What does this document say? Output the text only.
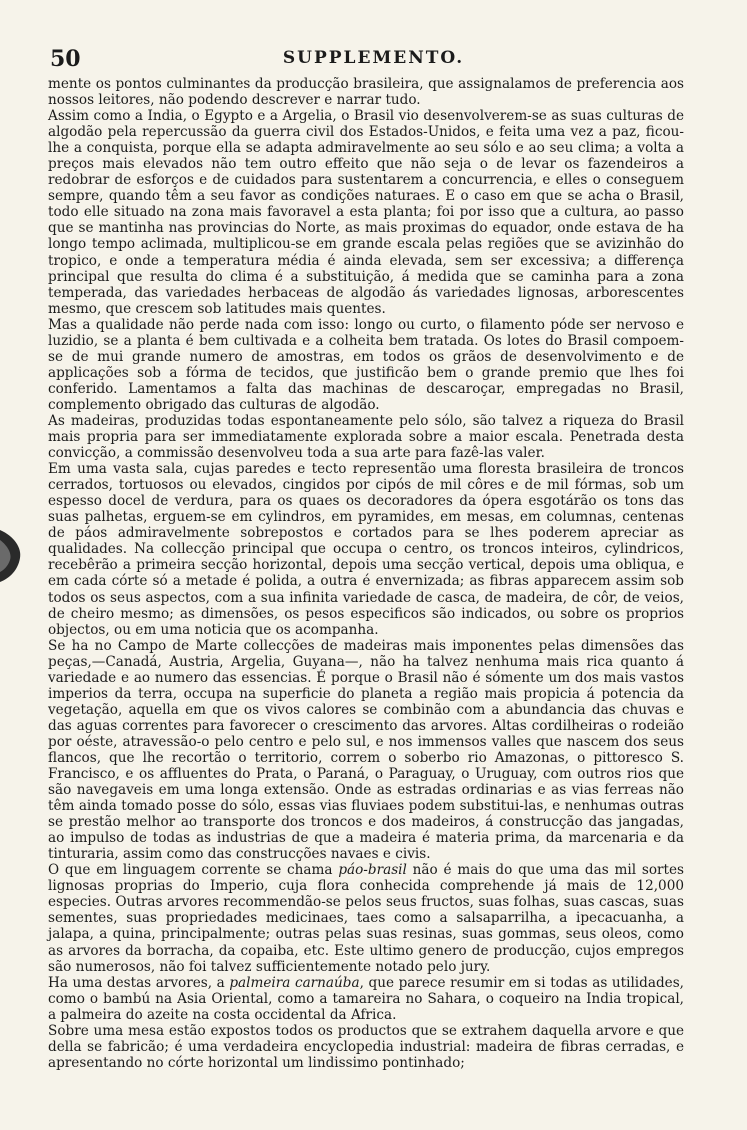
50	SUPPLEMENTO.

mente os pontos culminantes da producção brasileira, que assignalamos de preferencia aos nossos leitores, não podendo descrever e narrar tudo.

Assim como a India, o Egypto e a Argelia, o Brasil vio desenvolverem-se as suas culturas de algodão pela repercussão da guerra civil dos Estados-Unidos, e feita uma vez a paz, ficou-lhe a conquista, porque ella se adapta admiravelmente ao seu sólo e ao seu clima; a volta a preços mais elevados não tem outro effeito que não seja o de levar os fazendeiros a redobrar de esforços e de cuidados para sustentarem a concurrencia, e elles o conseguem sempre, quando têm a seu favor as condições naturaes. E o caso em que se acha o Brasil, todo elle situado na zona mais favoravel a esta planta; foi por isso que a cultura, ao passo que se mantinha nas provincias do Norte, as mais proximas do equador, onde estava de ha longo tempo aclimada, multiplicou-se em grande escala pelas regiões que se avizinhão do tropico, e onde a temperatura média é ainda elevada, sem ser excessiva; a differença principal que resulta do clima é a substituição, á medida que se caminha para a zona temperada, das variedades herbaceas de algodão ás variedades lignosas, arborescentes mesmo, que crescem sob latitudes mais quentes.

Mas a qualidade não perde nada com isso: longo ou curto, o filamento póde ser nervoso e luzidio, se a planta é bem cultivada e a colheita bem tratada. Os lotes do Brasil compoem-se de mui grande numero de amostras, em todos os grãos de desenvolvimento e de applicações sob a fórma de tecidos, que justificão bem o grande premio que lhes foi conferido. Lamentamos a falta das machinas de descaroçar, empregadas no Brasil, complemento obrigado das culturas de algodão.

As madeiras, produzidas todas espontaneamente pelo sólo, são talvez a riqueza do Brasil mais propria para ser immediatamente explorada sobre a maior escala. Penetrada desta convicção, a commissão desenvolveu toda a sua arte para fazê-las valer.

Em uma vasta sala, cujas paredes e tecto representão uma floresta brasileira de troncos cerrados, tortuosos ou elevados, cingidos por cipós de mil côres e de mil fórmas, sob um espesso docel de verdura, para os quaes os decoradores da ópera esgotárão os tons das suas palhetas, erguem-se em cylindros, em pyramides, em mesas, em columnas, centenas de páos admiravelmente sobrepostos e cortados para se lhes poderem apreciar as qualidades. Na collecção principal que occupa o centro, os troncos inteiros, cylindricos, recebêrão a primeira secção horizontal, depois uma secção vertical, depois uma obliqua, e em cada córte só a metade é polida, a outra é envernizada; as fibras apparecem assim sob todos os seus aspectos, com a sua infinita variedade de casca, de madeira, de côr, de veios, de cheiro mesmo; as dimensões, os pesos especificos são indicados, ou sobre os proprios objectos, ou em uma noticia que os acompanha.

Se ha no Campo de Marte collecções de madeiras mais imponentes pelas dimensões das peças,—Canadá, Austria, Argelia, Guyana—, não ha talvez nenhuma mais rica quanto á variedade e ao numero das essencias. É porque o Brasil não é sómente um dos mais vastos imperios da terra, occupa na superficie do planeta a região mais propicia á potencia da vegetação, aquella em que os vivos calores se combinão com a abundancia das chuvas e das aguas correntes para favorecer o crescimento das arvores. Altas cordilheiras o rodeião por oéste, atravessão-o pelo centro e pelo sul, e nos immensos valles que nascem dos seus flancos, que lhe recortão o territorio, correm o soberbo rio Amazonas, o pittoresco S. Francisco, e os affluentes do Prata, o Paraná, o Paraguay, o Uruguay, com outros rios que são navegaveis em uma longa extensão. Onde as estradas ordinarias e as vias ferreas não têm ainda tomado posse do sólo, essas vias fluviaes podem substitui-las, e nenhumas outras se prestão melhor ao transporte dos troncos e dos madeiros, á construcção das jangadas, ao impulso de todas as industrias de que a madeira é materia prima, da marcenaria e da tinturaria, assim como das construcções navaes e civis.

O que em linguagem corrente se chama páo-brasil não é mais do que uma das mil sortes lignosas proprias do Imperio, cuja flora conhecida comprehende já mais de 12,000 especies. Outras arvores recommendão-se pelos seus fructos, suas folhas, suas cascas, suas sementes, suas propriedades medicinaes, taes como a salsaparrilha, a ipecacuanha, a jalapa, a quina, principalmente; outras pelas suas resinas, suas gommas, seus oleos, como as arvores da borracha, da copaiba, etc. Este ultimo genero de producção, cujos empregos são numerosos, não foi talvez sufficientemente notado pelo jury.

Ha uma destas arvores, a palmeira carnaúba, que parece resumir em si todas as utilidades, como o bambú na Asia Oriental, como a tamareira no Sahara, o coqueiro na India tropical, a palmeira do azeite na costa occidental da Africa.

Sobre uma mesa estão expostos todos os productos que se extrahem daquella arvore e que della se fabricão; é uma verdadeira encyclopedia industrial: madeira de fibras cerradas, e apresentando no córte horizontal um lindissimo pontinhado;
